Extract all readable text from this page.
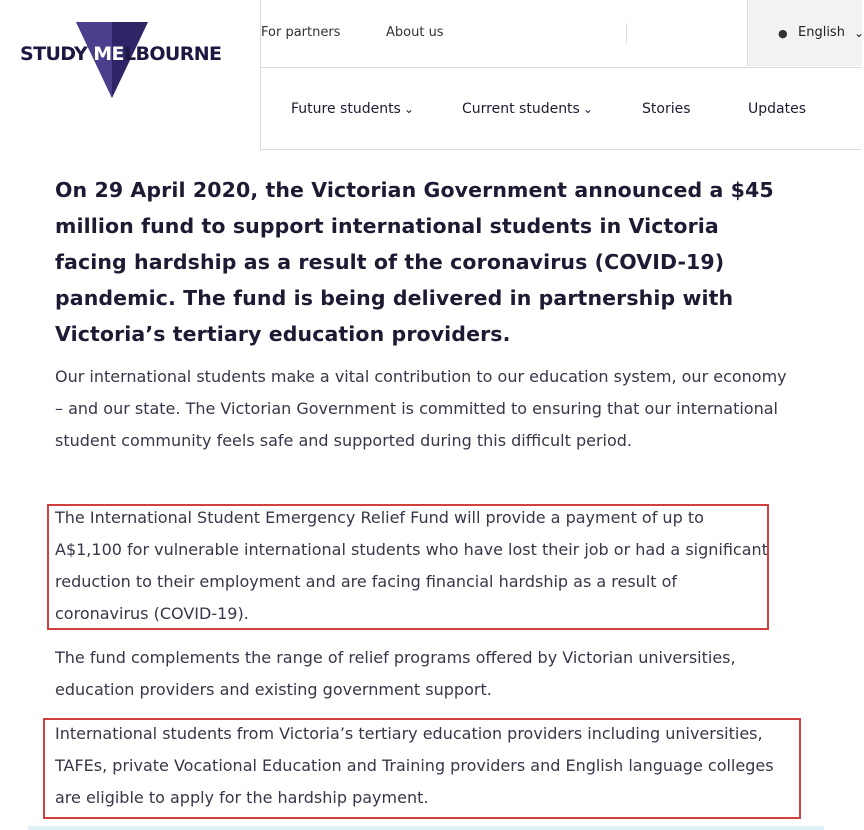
STUDY MELBOURNE
● English ⌄
For partners	About us
Future students ⌄	Current students ⌄	Stories	Updates

On 29 April 2020, the Victorian Government announced a $45 million fund to support international students in Victoria facing hardship as a result of the coronavirus (COVID-19) pandemic. The fund is being delivered in partnership with Victoria’s tertiary education providers.

Our international students make a vital contribution to our education system, our economy – and our state. The Victorian Government is committed to ensuring that our international student community feels safe and supported during this difficult period.

The International Student Emergency Relief Fund will provide a payment of up to A$1,100 for vulnerable international students who have lost their job or had a significant reduction to their employment and are facing financial hardship as a result of coronavirus (COVID-19).

The fund complements the range of relief programs offered by Victorian universities, education providers and existing government support.

International students from Victoria’s tertiary education providers including universities, TAFEs, private Vocational Education and Training providers and English language colleges are eligible to apply for the hardship payment.
